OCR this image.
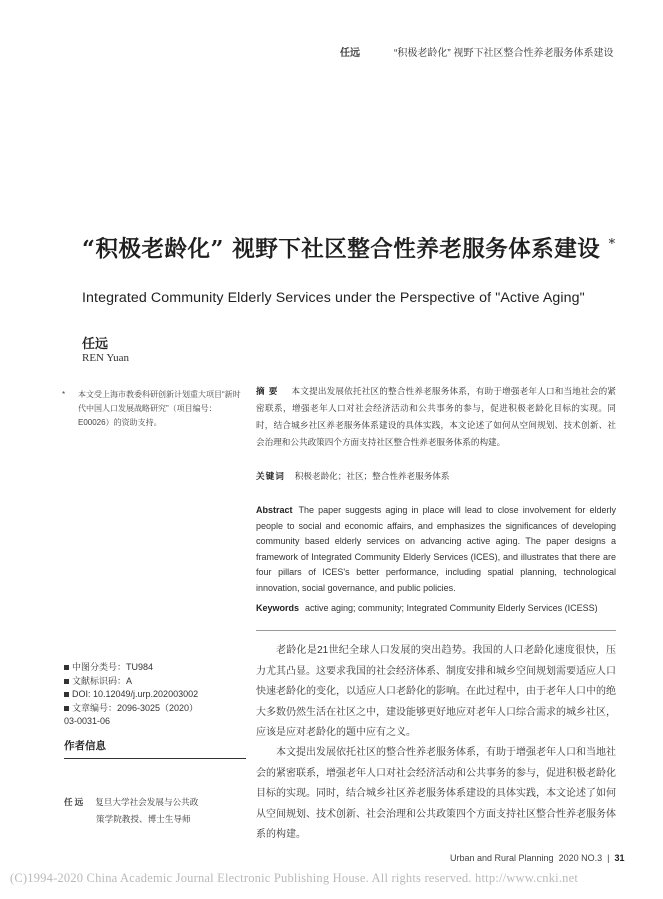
任远	“积极老龄化” 视野下社区整合性养老服务体系建设
“积极老龄化” 视野下社区整合性养老服务体系建设 *
Integrated Community Elderly Services under the Perspective of "Active Aging"
任远
REN Yuan
*	本文受上海市教委科研创新计划重大项目“新时代中国人口发展战略研究”（项目编号：E00026）的资助支持。
摘要 本文提出发展依托社区的整合性养老服务体系，有助于增强老年人口和当地社会的紧密联系，增强老年人口对社会经济活动和公共事务的参与，促进积极老龄化目标的实现。同时，结合城乡社区养老服务体系建设的具体实践，本文论述了如何从空间规划、技术创新、社会治理和公共政策四个方面支持社区整合性养老服务体系的构建。
关键词 积极老龄化；社区；整合性养老服务体系
Abstract The paper suggests aging in place will lead to close involvement for elderly people to social and economic affairs, and emphasizes the significances of developing community based elderly services on advancing active aging. The paper designs a framework of Integrated Community Elderly Services (ICES), and illustrates that there are four pillars of ICES's better performance, including spatial planning, technological innovation, social governance, and public policies.
Keywords active aging; community; Integrated Community Elderly Services (ICESS)
中图分类号：TU984
文献标识码：A
DOI: 10.12049/j.urp.202003002
文章编号：2096-3025（2020）
03-0031-06
作者信息
任远 复旦大学社会发展与公共政
策学院教授、博士生导师

老龄化是21世纪全球人口发展的突出趋势。我国的人口老龄化速度很快，压力尤其凸显。这要求我国的社会经济体系、制度安排和城乡空间规划需要适应人口快速老龄化的变化，以适应人口老龄化的影响。在此过程中，由于老年人口中的绝大多数仍然生活在社区之中，建设能够更好地应对老年人口综合需求的城乡社区，应该是应对老龄化的题中应有之义。

本文提出发展依托社区的整合性养老服务体系，有助于增强老年人口和当地社会的紧密联系，增强老年人口对社会经济活动和公共事务的参与，促进积极老龄化目标的实现。同时，结合城乡社区养老服务体系建设的具体实践，本文论述了如何从空间规划、技术创新、社会治理和公共政策四个方面支持社区整合性养老服务体系的构建。

Urban and Rural Planning 2020 NO.3  |  31
(C)1994-2020 China Academic Journal Electronic Publishing House. All rights reserved. http://www.cnki.net
